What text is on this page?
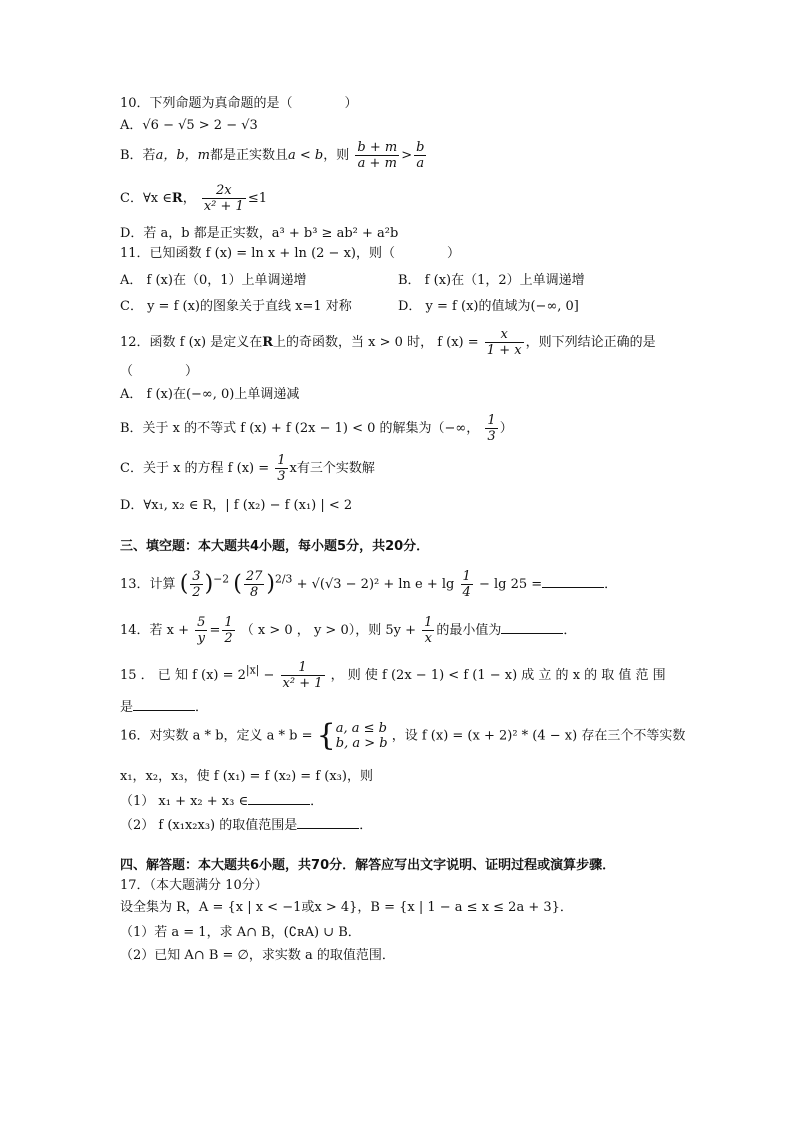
10．下列命题为真命题的是（　　　　）
A．√6 − √5 > 2 − √3
B．若a，b，m都是正实数且a < b，则 $\frac{b + m}{a + m} > \frac{b}{a}$
C．∀x ∈R， $\frac{2x}{\text{x² + 1}} \le 1$
D．若 a，b 都是正实数，a³ + b³ ≥ ab² + a²b
11．已知函数 f (x) = ln x + ln (2 − x)，则（　　　　）
A． f (x)在（0，1）上单调递增	B． f (x)在（1，2）上单调递增
C． y = f (x)的图象关于直线 x=1 对称	D． y = f (x)的值域为(−∞, 0]
12．函数 f (x) 是定义在R上的奇函数，当 x > 0 时， f $(x) = \frac{x}{1 + x}$ ，则下列结论正确的是
（　　　　）
A． f (x)在(−∞, 0)上单调递减
B．关于 x 的不等式 f (x) + f (2x − 1) < 0 的解集为（−∞， $\frac{1}{3}$ ）
C．关于 x 的方程 f $(x) = \frac{1}{3}$ x有三个实数解
D．∀x₁, x₂ ∈ R，| f (x₂) − f (x₁) | < 2
三、填空题：本大题共4小题，每小题5分，共20分．
13．计算 ( $\frac{3}{2} )^{-2}$ ( $\frac{27}{8} )^{2/3} + √(√3 - 2)^2 + \ln e + \lg \frac{1}{4} - \lg 25$ =	．
14．若 $x + \frac{5}{y} = \frac{1}{2}$ （ x > 0 ， y > 0），则 $5y + \frac{1}{x}$ 的最小值为	．
15 ． 已 知 f $(x) = 2^{|x|} - \frac{1}{\text{x² + 1}}$ ， 则 使 f (2x − 1) < f (1 − x) 成 立 的 x 的 取 值 范 围
是	．
16．对实数 a * b，定义 a * b = { a, a ≤ b
b, a > b ，设 f (x) = (x + 2)² * (4 − x) 存在三个不等实数
x₁，x₂，x₃，使 f (x₁) = f (x₂) = f (x₃)，则
（1） x₁ + x₂ + x₃ ∈	．
（2） f (x₁x₂x₃) 的取值范围是	．
四、解答题：本大题共6小题，共70分．解答应写出文字说明、证明过程或演算步骤．
17．（本大题满分 10分）
设全集为 R，A = {x | x < −1或x > 4}，B = {x | 1 − a ≤ x ≤ 2a + 3}．
（1）若 a = 1，求 A∩ B，(∁ʀA) ∪ B．
（2）已知 A∩ B = ∅，求实数 a 的取值范围．
